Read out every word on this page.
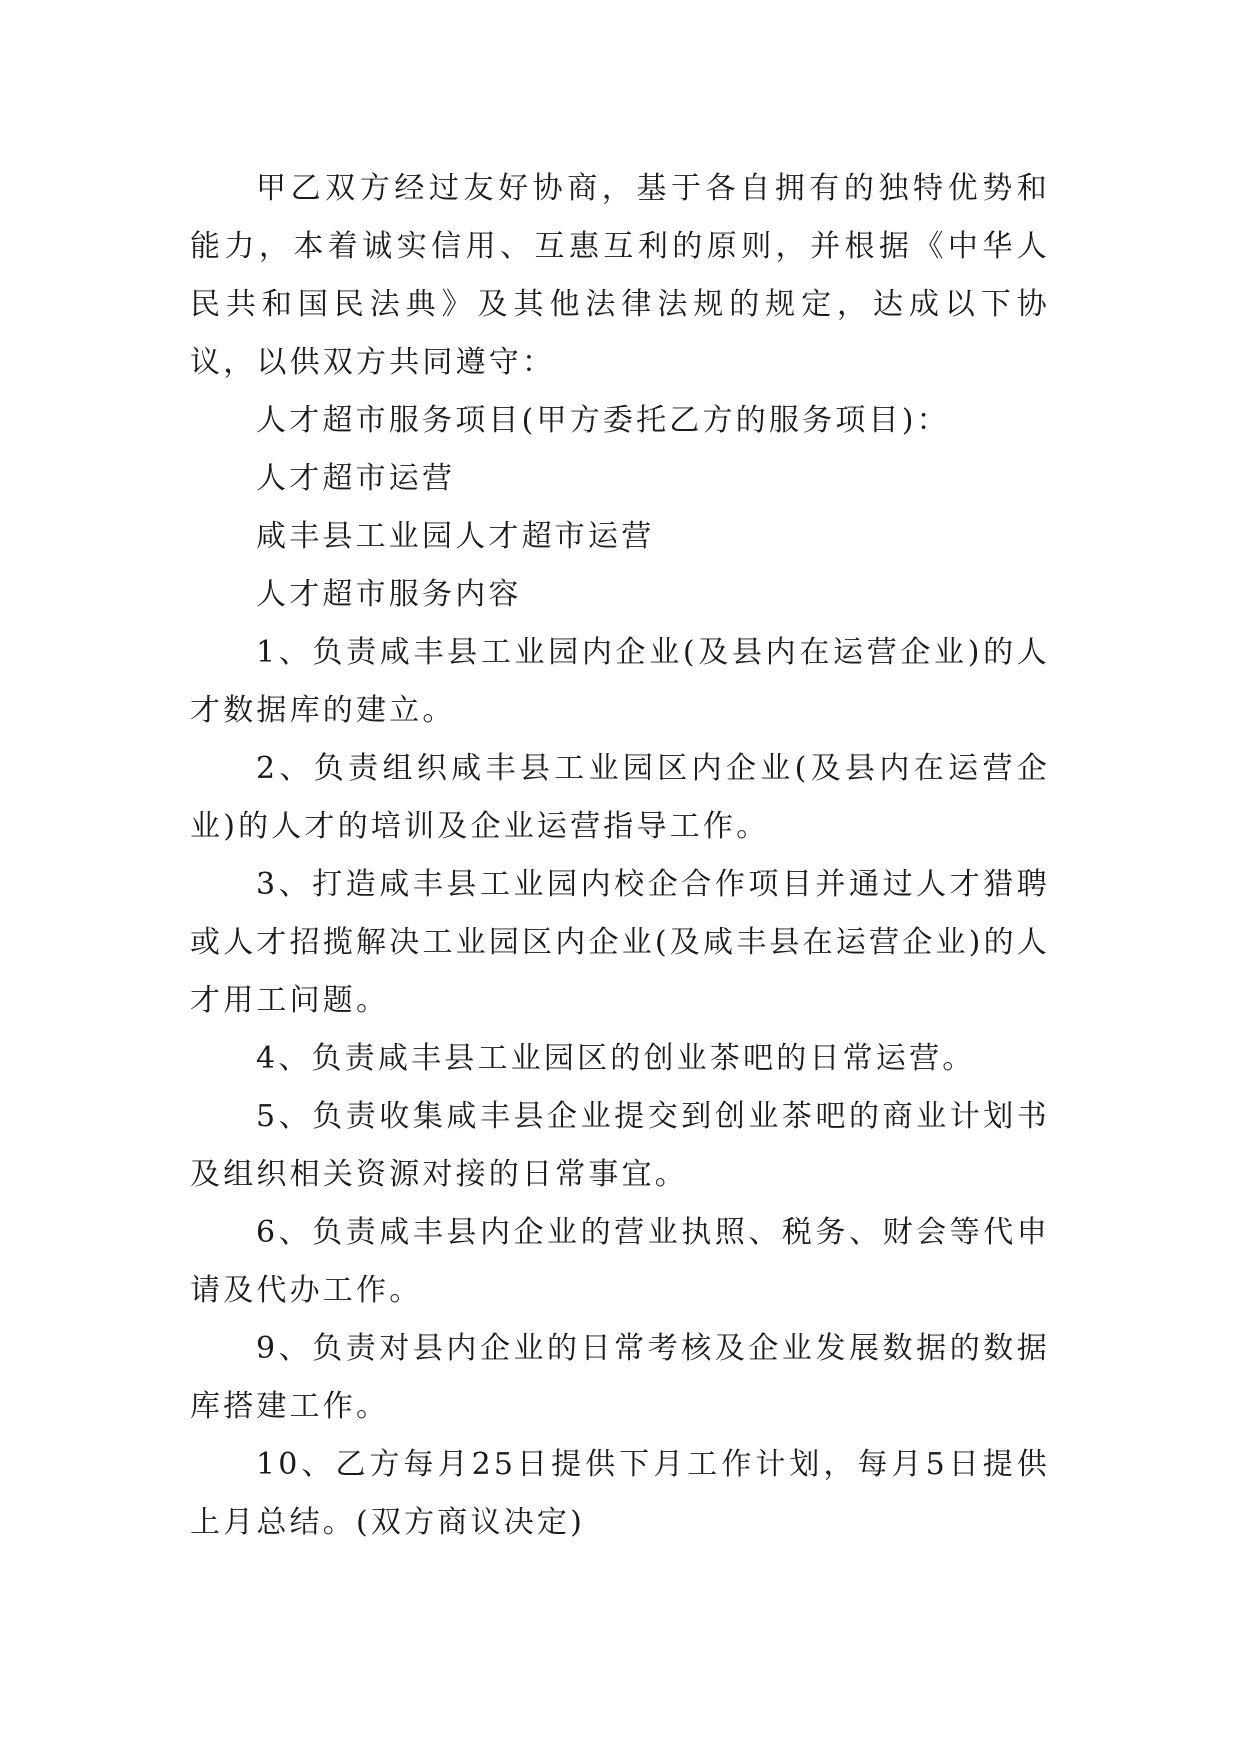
甲乙双方经过友好协商，基于各自拥有的独特优势和能力，本着诚实信用、互惠互利的原则，并根据《中华人民共和国民法典》及其他法律法规的规定，达成以下协议，以供双方共同遵守：

人才超市服务项目(甲方委托乙方的服务项目)：

人才超市运营

咸丰县工业园人才超市运营

人才超市服务内容

1、负责咸丰县工业园内企业(及县内在运营企业)的人才数据库的建立。

2、负责组织咸丰县工业园区内企业(及县内在运营企业)的人才的培训及企业运营指导工作。

3、打造咸丰县工业园内校企合作项目并通过人才猎聘或人才招揽解决工业园区内企业(及咸丰县在运营企业)的人才用工问题。

4、负责咸丰县工业园区的创业茶吧的日常运营。

5、负责收集咸丰县企业提交到创业茶吧的商业计划书及组织相关资源对接的日常事宜。

6、负责咸丰县内企业的营业执照、税务、财会等代申请及代办工作。

9、负责对县内企业的日常考核及企业发展数据的数据库搭建工作。

10、乙方每月25日提供下月工作计划，每月5日提供上月总结。(双方商议决定)
